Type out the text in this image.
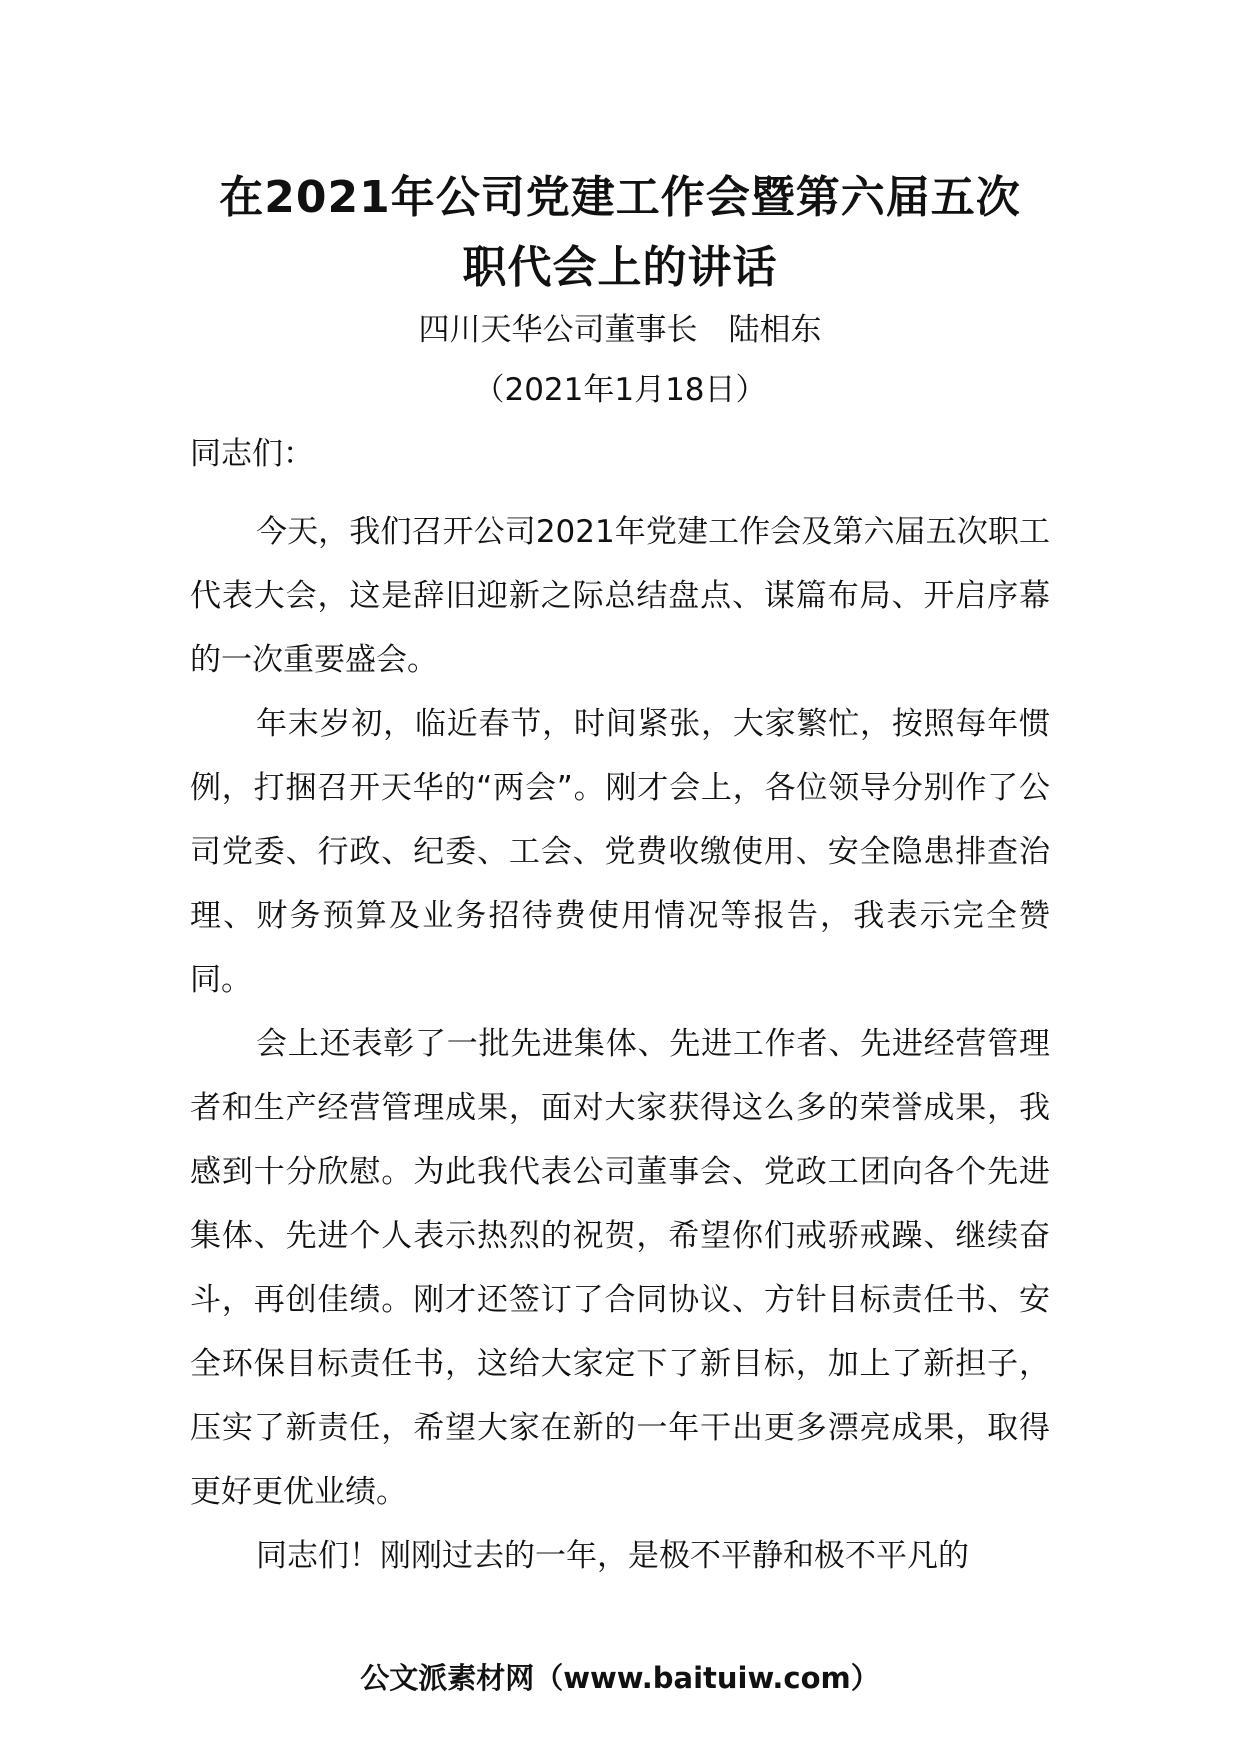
在2021年公司党建工作会暨第六届五次
职代会上的讲话
四川天华公司董事长　陆相东
（2021年1月18日）
同志们：

今天，我们召开公司2021年党建工作会及第六届五次职工代表大会，这是辞旧迎新之际总结盘点、谋篇布局、开启序幕的一次重要盛会。

年末岁初，临近春节，时间紧张，大家繁忙，按照每年惯例，打捆召开天华的“两会”。刚才会上，各位领导分别作了公司党委、行政、纪委、工会、党费收缴使用、安全隐患排查治理、财务预算及业务招待费使用情况等报告，我表示完全赞同。

会上还表彰了一批先进集体、先进工作者、先进经营管理者和生产经营管理成果，面对大家获得这么多的荣誉成果，我感到十分欣慰。为此我代表公司董事会、党政工团向各个先进集体、先进个人表示热烈的祝贺，希望你们戒骄戒躁、继续奋斗，再创佳绩。刚才还签订了合同协议、方针目标责任书、安全环保目标责任书，这给大家定下了新目标，加上了新担子，压实了新责任，希望大家在新的一年干出更多漂亮成果，取得更好更优业绩。

同志们！刚刚过去的一年，是极不平静和极不平凡的

公文派素材网（www.baituiw.com）
